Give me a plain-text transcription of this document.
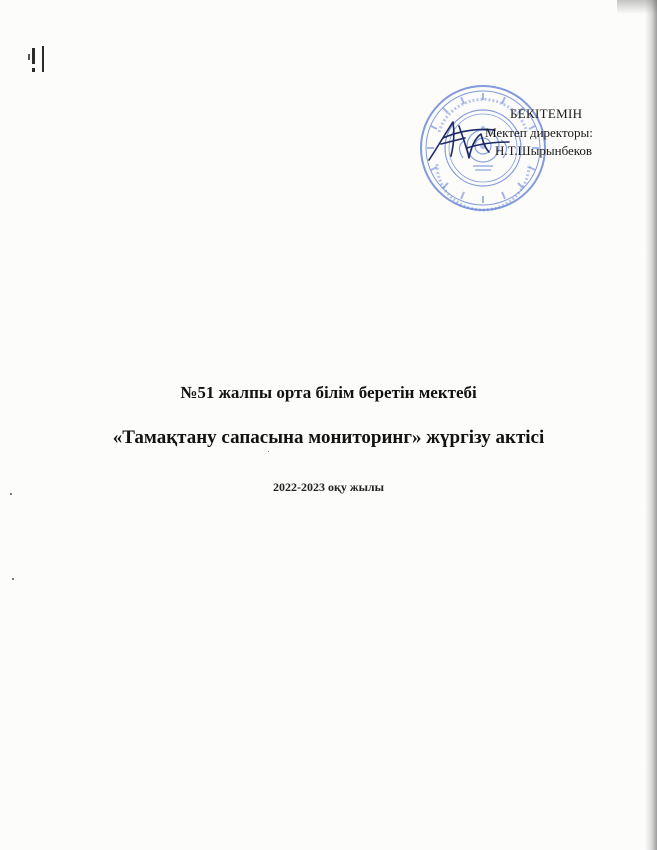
БЕКІТЕМІН
Мектеп директоры:
Н.Т.Шырынбеков
№51 жалпы орта білім беретін мектебі
«Тамақтану сапасына мониторинг» жүргізу актісі
2022-2023 оқу жылы
